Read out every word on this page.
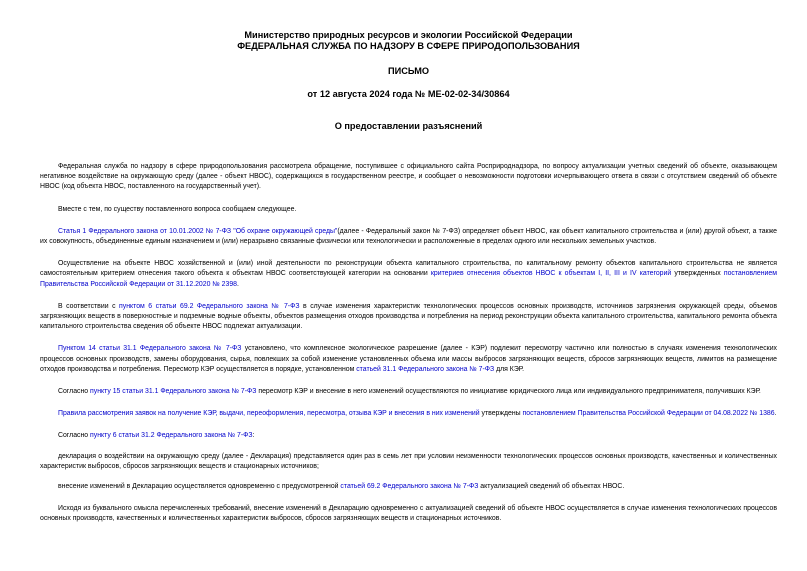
Министерство природных ресурсов и экологии Российской Федерации
ФЕДЕРАЛЬНАЯ СЛУЖБА ПО НАДЗОРУ В СФЕРЕ ПРИРОДОПОЛЬЗОВАНИЯ
ПИСЬМО
от 12 августа 2024 года № МЕ-02-02-34/30864
О предоставлении разъяснений

Федеральная служба по надзору в сфере природопользования рассмотрела обращение, поступившее с официального сайта Росприроднадзора, по вопросу актуализации учетных сведений об объекте, оказывающем негативное воздействие на окружающую среду (далее - объект НВОС), содержащихся в государственном реестре, и сообщает о невозможности подготовки исчерпывающего ответа в связи с отсутствием сведений об объекте НВОС (код объекта НВОС, поставленного на государственный учет).

Вместе с тем, по существу поставленного вопроса сообщаем следующее.

Статья 1 Федерального закона от 10.01.2002 № 7-ФЗ "Об охране окружающей среды"(далее - Федеральный закон № 7-ФЗ) определяет объект НВОС, как объект капитального строительства и (или) другой объект, а также их совокупность, объединенные единым назначением и (или) неразрывно связанные физически или технологически и расположенные в пределах одного или нескольких земельных участков.

Осуществление на объекте НВОС хозяйственной и (или) иной деятельности по реконструкции объекта капитального строительства, по капитальному ремонту объектов капитального строительства не является самостоятельным критерием отнесения такого объекта к объектам НВОС соответствующей категории на основании критериев отнесения объектов НВОС к объектам I, II, III и IV категорий утвержденных постановлением Правительства Российской Федерации от 31.12.2020 № 2398.

В соответствии с пунктом 6 статьи 69.2 Федерального закона № 7-ФЗ в случае изменения характеристик технологических процессов основных производств, источников загрязнения окружающей среды, объемов загрязняющих веществ в поверхностные и подземные водные объекты, объектов размещения отходов производства и потребления на период реконструкции объекта капитального строительства, капитального ремонта объекта капитального строительства сведения об объекте НВОС подлежат актуализации.

Пунктом 14 статьи 31.1 Федерального закона № 7-ФЗ установлено, что комплексное экологическое разрешение (далее - КЭР) подлежит пересмотру частично или полностью в случаях изменения технологических процессов основных производств, замены оборудования, сырья, повлекших за собой изменение установленных объема или массы выбросов загрязняющих веществ, сбросов загрязняющих веществ, лимитов на размещение отходов производства и потребления. Пересмотр КЭР осуществляется в порядке, установленном статьей 31.1 Федерального закона № 7-ФЗ для КЭР.

Согласно пункту 15 статьи 31.1 Федерального закона № 7-ФЗ пересмотр КЭР и внесение в него изменений осуществляются по инициативе юридического лица или индивидуального предпринимателя, получивших КЭР.

Правила рассмотрения заявок на получение КЭР, выдачи, переоформления, пересмотра, отзыва КЭР и внесения в них изменений утверждены постановлением Правительства Российской Федерации от 04.08.2022 № 1386.

Согласно пункту 6 статьи 31.2 Федерального закона № 7-ФЗ:

декларация о воздействии на окружающую среду (далее - Декларация) представляется один раз в семь лет при условии неизменности технологических процессов основных производств, качественных и количественных характеристик выбросов, сбросов загрязняющих веществ и стационарных источников;

внесение изменений в Декларацию осуществляется одновременно с предусмотренной статьей 69.2 Федерального закона № 7-ФЗ актуализацией сведений об объектах НВОС.

Исходя из буквального смысла перечисленных требований, внесение изменений в Декларацию одновременно с актуализацией сведений об объекте НВОС осуществляется в случае изменения технологических процессов основных производств, качественных и количественных характеристик выбросов, сбросов загрязняющих веществ и стационарных источников.
